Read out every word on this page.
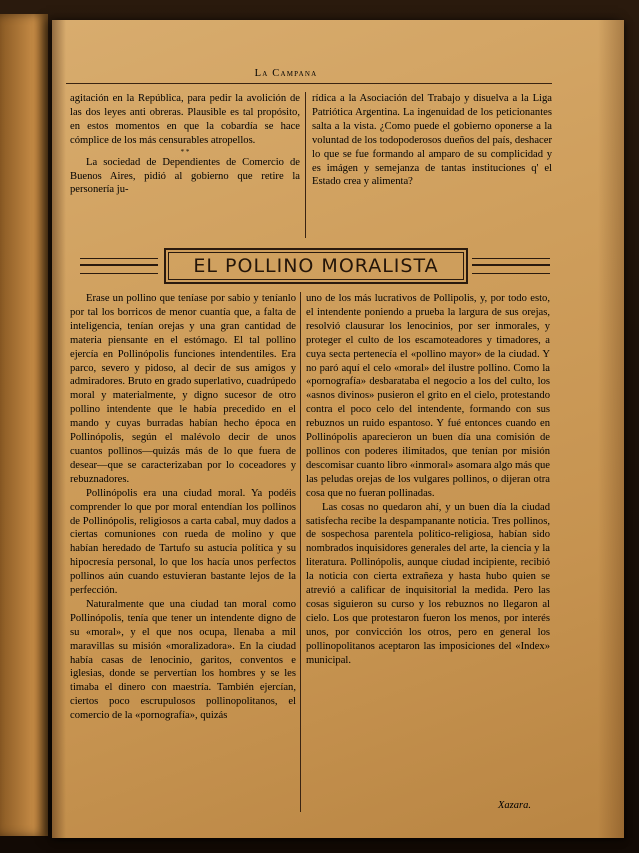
La Campana

agitación en la República, para pedir la avolición de las dos leyes anti obreras. Plausible es tal propósito, en estos momentos en que la cobardía se hace cómplice de los más censurables atropellos.

* *

La sociedad de Dependientes de Comercio de Buenos Aires, pidió al gobierno que retire la personería ju-

rídica a la Asociación del Trabajo y disuelva a la Liga Patriótica Argentina. La ingenuidad de los peticionantes salta a la vista. ¿Como puede el gobierno oponerse a la voluntad de los todopoderosos dueños del país, deshacer lo que se fue formando al amparo de su complicidad y es imágen y semejanza de tantas instituciones q' el Estado crea y alimenta?

EL POLLINO MORALISTA

Erase un pollino que teníase por sabio y teníanlo por tal los borricos de menor cuantía que, a falta de inteligencia, tenían orejas y una gran cantidad de materia piensante en el estómago. El tal pollino ejercía en Pollinópolis funciones intendentiles. Era parco, severo y pidoso, al decir de sus amigos y admiradores. Bruto en grado superlativo, cuadrúpedo moral y materialmente, y digno sucesor de otro pollino intendente que le había precedido en el mando y cuyas burradas habían hecho época en Pollinópolis, según el malévolo decir de unos cuantos pollinos—quizás más de lo que fuera de desear—que se caracterizaban por lo coceadores y rebuznadores.

Pollinópolis era una ciudad moral. Ya podéis comprender lo que por moral entendían los pollinos de Pollinópolis, religiosos a carta cabal, muy dados a ciertas comuniones con rueda de molino y que habían heredado de Tartufo su astucia política y su hipocresía personal, lo que los hacía unos perfectos pollinos aún cuando estuvieran bastante lejos de la perfección.

Naturalmente que una ciudad tan moral como Pollinópolis, tenía que tener un intendente digno de su «moral», y el que nos ocupa, llenaba a mil maravillas su misión «moralizadora». En la ciudad había casas de lenocinio, garitos, conventos e iglesias, donde se pervertían los hombres y se les timaba el dinero con maestría. También ejercían, ciertos poco escrupulosos pollinopolitanos, el comercio de la «pornografía», quizás

uno de los más lucrativos de Pollipolis, y, por todo esto, el intendente poniendo a prueba la largura de sus orejas, resolvió clausurar los lenocinios, por ser inmorales, y proteger el culto de los escamoteadores y timadores, a cuya secta pertenecía el «pollino mayor» de la ciudad. Y no paró aquí el celo «moral» del ilustre pollino. Como la «pornografía» desbarataba el negocio a los del culto, los «asnos divinos» pusieron el grito en el cielo, protestando contra el poco celo del intendente, formando con sus rebuznos un ruido espantoso. Y fué entonces cuando en Pollinópolis aparecieron un buen día una comisión de pollinos con poderes ilimitados, que tenían por misión descomisar cuanto libro «inmoral» asomara algo más que las peludas orejas de los vulgares pollinos, o dijeran otra cosa que no fueran pollinadas.

Las cosas no quedaron ahí, y un buen día la ciudad satisfecha recibe la despampanante noticia. Tres pollinos, de sospechosa parentela político-religiosa, habían sido nombrados inquisidores generales del arte, la ciencia y la literatura. Pollinópolis, aunque ciudad incipiente, recibió la noticia con cierta extrañeza y hasta hubo quien se atrevió a calificar de inquisitorial la medida. Pero las cosas siguieron su curso y los rebuznos no llegaron al cielo. Los que protestaron fueron los menos, por interés unos, por convicción los otros, pero en general los pollinopolitanos aceptaron las imposiciones del «Index» municipal.

Xazara.
